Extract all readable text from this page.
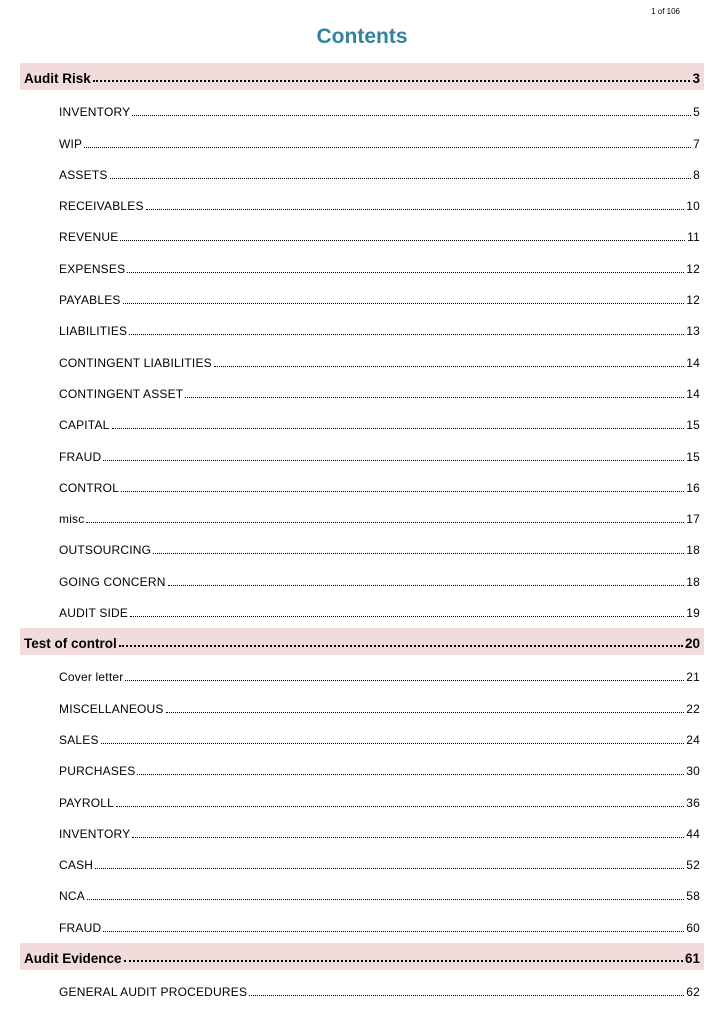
1 of 106
Contents
Audit Risk	3
INVENTORY	5
WIP	7
ASSETS	8
RECEIVABLES	10
REVENUE	11
EXPENSES	12
PAYABLES	12
LIABILITIES	13
CONTINGENT LIABILITIES	14
CONTINGENT ASSET	14
CAPITAL	15
FRAUD	15
CONTROL	16
misc	17
OUTSOURCING	18
GOING CONCERN	18
AUDIT SIDE	19
Test of control	20
Cover letter	21
MISCELLANEOUS	22
SALES	24
PURCHASES	30
PAYROLL	36
INVENTORY	44
CASH	52
NCA	58
FRAUD	60
Audit Evidence	61
GENERAL AUDIT PROCEDURES	62
